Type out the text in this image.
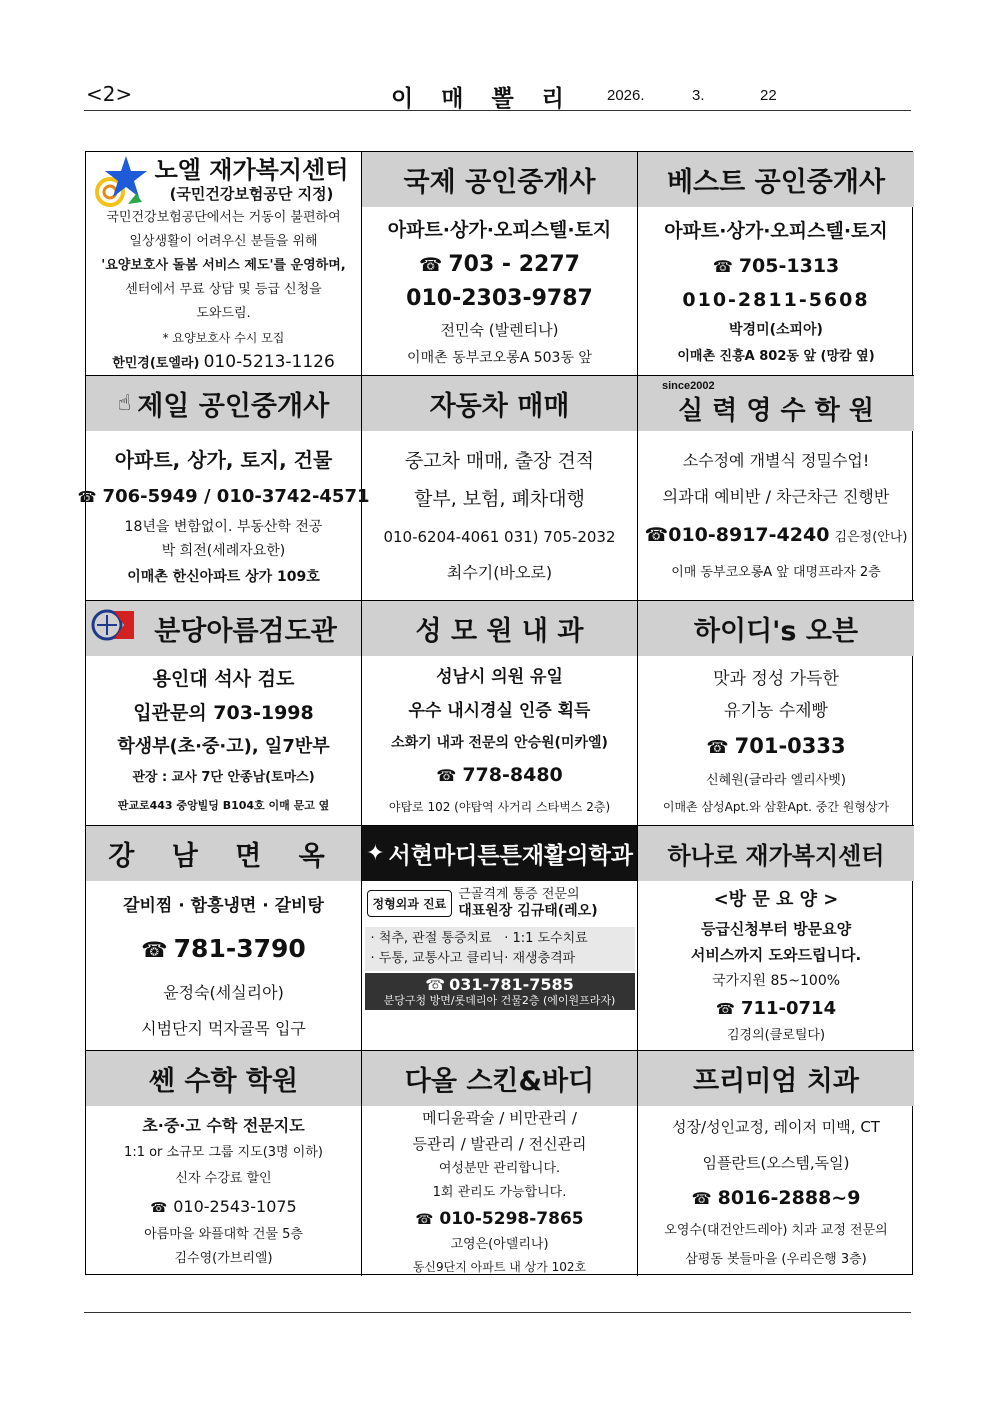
<2>	이 매 뽈 리 2026.	3.	22
노엘 재가복지센터
(국민건강보험공단 지정)
국민건강보험공단에서는 거동이 불편하여
일상생활이 어려우신 분들을 위해
'요양보호사 돌봄 서비스 제도'를 운영하며,
센터에서 무료 상담 및 등급 신청을
도와드림.
* 요양보호사 수시 모집
한민경(토엘라) 010-5213-1126
국제 공인중개사
아파트·상가·오피스텔·토지
☎ 703 - 2277
010-2303-9787
전민숙 (발렌티나)
이매촌 동부코오롱A 503동 앞
베스트 공인중개사
아파트·상가·오피스텔·토지
☎ 705-1313
010-2811-5608
박경미(소피아)
이매촌 진흥A 802동 앞 (망캄 옆)
☝ 제일 공인중개사
아파트, 상가, 토지, 건물
☎ 706-5949 / 010-3742-4571
18년을 변함없이. 부동산학 전공
박 희전(세례자요한)
이매촌 한신아파트 상가 109호
자동차 매매
중고차 매매, 출장 견적
할부, 보험, 폐차대행
010-6204-4061 031) 705-2032
최수기(바오로)
since2002
실 력 영 수 학 원
소수정예 개별식 정밀수업!
의과대 예비반 / 차근차근 진행반
☎010-8917-4240 김은정(안나)
이매 동부코오롱A 앞 대명프라자 2층
분당아름검도관
용인대 석사 검도
입관문의 703-1998
학생부(초·중·고), 일7반부
관장 : 교사 7단 안종남(토마스)
판교로443 중앙빌딩 B104호 이매 문고 옆
성 모 원 내 과
성남시 의원 유일
우수 내시경실 인증 획득
소화기 내과 전문의 안승원(미카엘)
☎ 778-8480
야탑로 102 (야탑역 사거리 스타벅스 2층)
하이디's 오븐
맛과 정성 가득한
유기농 수제빵
☎ 701-0333
신혜원(글라라 엘리사벳)
이매촌 삼성Apt.와 삼환Apt. 중간 원형상가
강 남 면 옥
갈비찜 · 함흥냉면 · 갈비탕
☎ 781-3790
윤정숙(세실리아)
시범단지 먹자골목 입구
✦ 서현마디튼튼재활의학과
정형외과 진료
근골격계 통증 전문의
대표원장 김규태(레오)
· 척추, 관절 통증치료 · 1:1 도수치료
· 두통, 교통사고 클리닉 · 재생충격파
☎ 031-781-7585
분당구청 방면/롯데리아 건물2층 (에이원프라자)
하나로 재가복지센터
<방 문 요 양 >
등급신청부터 방문요양
서비스까지 도와드립니다.
국가지원 85~100%
☎ 711-0714
김경의(클로틸다)
쎈 수학 학원
초·중·고 수학 전문지도
1:1 or 소규모 그룹 지도(3명 이하)
신자 수강료 할인
☎ 010-2543-1075
아름마을 와플대학 건물 5층
김수영(가브리엘)
다올 스킨&바디
메디윤곽술 / 비만관리 /
등관리 / 발관리 / 전신관리
여성분만 관리합니다.
1회 관리도 가능합니다.
☎ 010-5298-7865
고영은(아델리나)
동신9단지 아파트 내 상가 102호
프리미엄 치과
성장/성인교정, 레이저 미백, CT
임플란트(오스템,독일)
☎ 8016-2888~9
오영수(대건안드레아) 치과 교정 전문의
삼평동 봇들마을 (우리은행 3층)
